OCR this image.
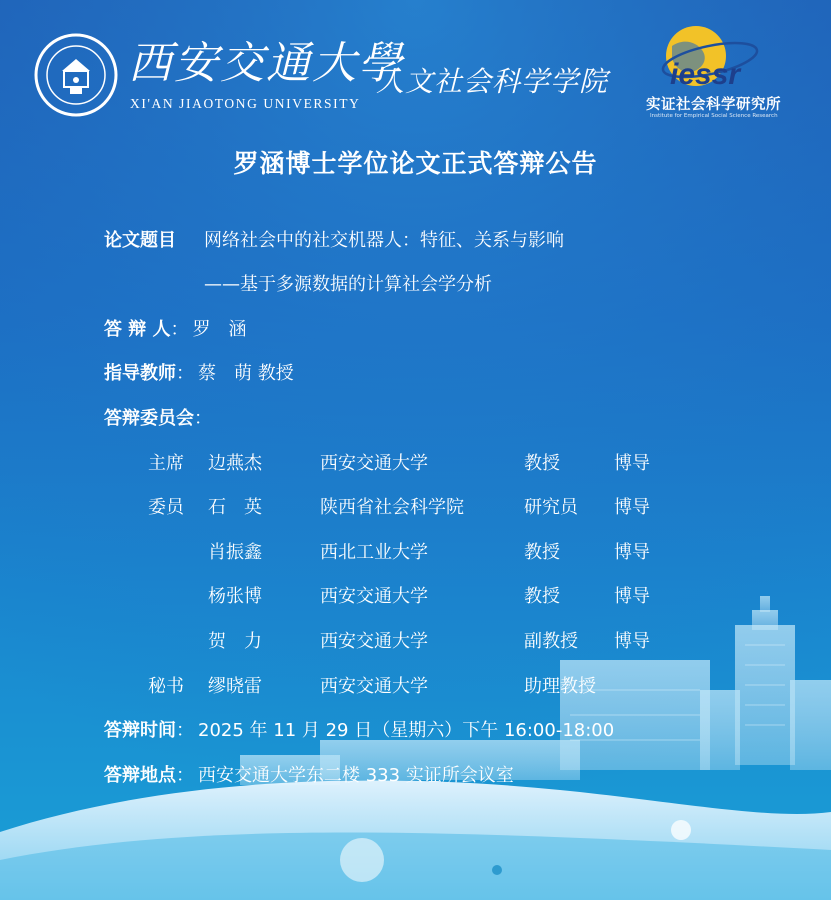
西安交通大學
XI'AN JIAOTONG UNIVERSITY
人文社会科学学院 iessr
实证社会科学研究所
Institute for Empirical Social Science Research
罗涵博士学位论文正式答辩公告
论文题目 网络社会中的社交机器人：特征、关系与影响
——基于多源数据的计算社会学分析
答 辩 人： 罗　涵
指导教师： 蔡　萌 教授
答辩委员会：
主席 边燕杰	西安交通大学	教授	博导
委员 石　英	陕西省社会科学院	研究员 博导
肖振鑫	西北工业大学	教授	博导
杨张博	西安交通大学	教授	博导
贺　力	西安交通大学	副教授 博导
秘书 缪晓雷	西安交通大学	助理教授
答辩时间： 2025 年 11 月 29 日（星期六）下午 16:00-18:00
答辩地点： 西安交通大学东二楼 333 实证所会议室
